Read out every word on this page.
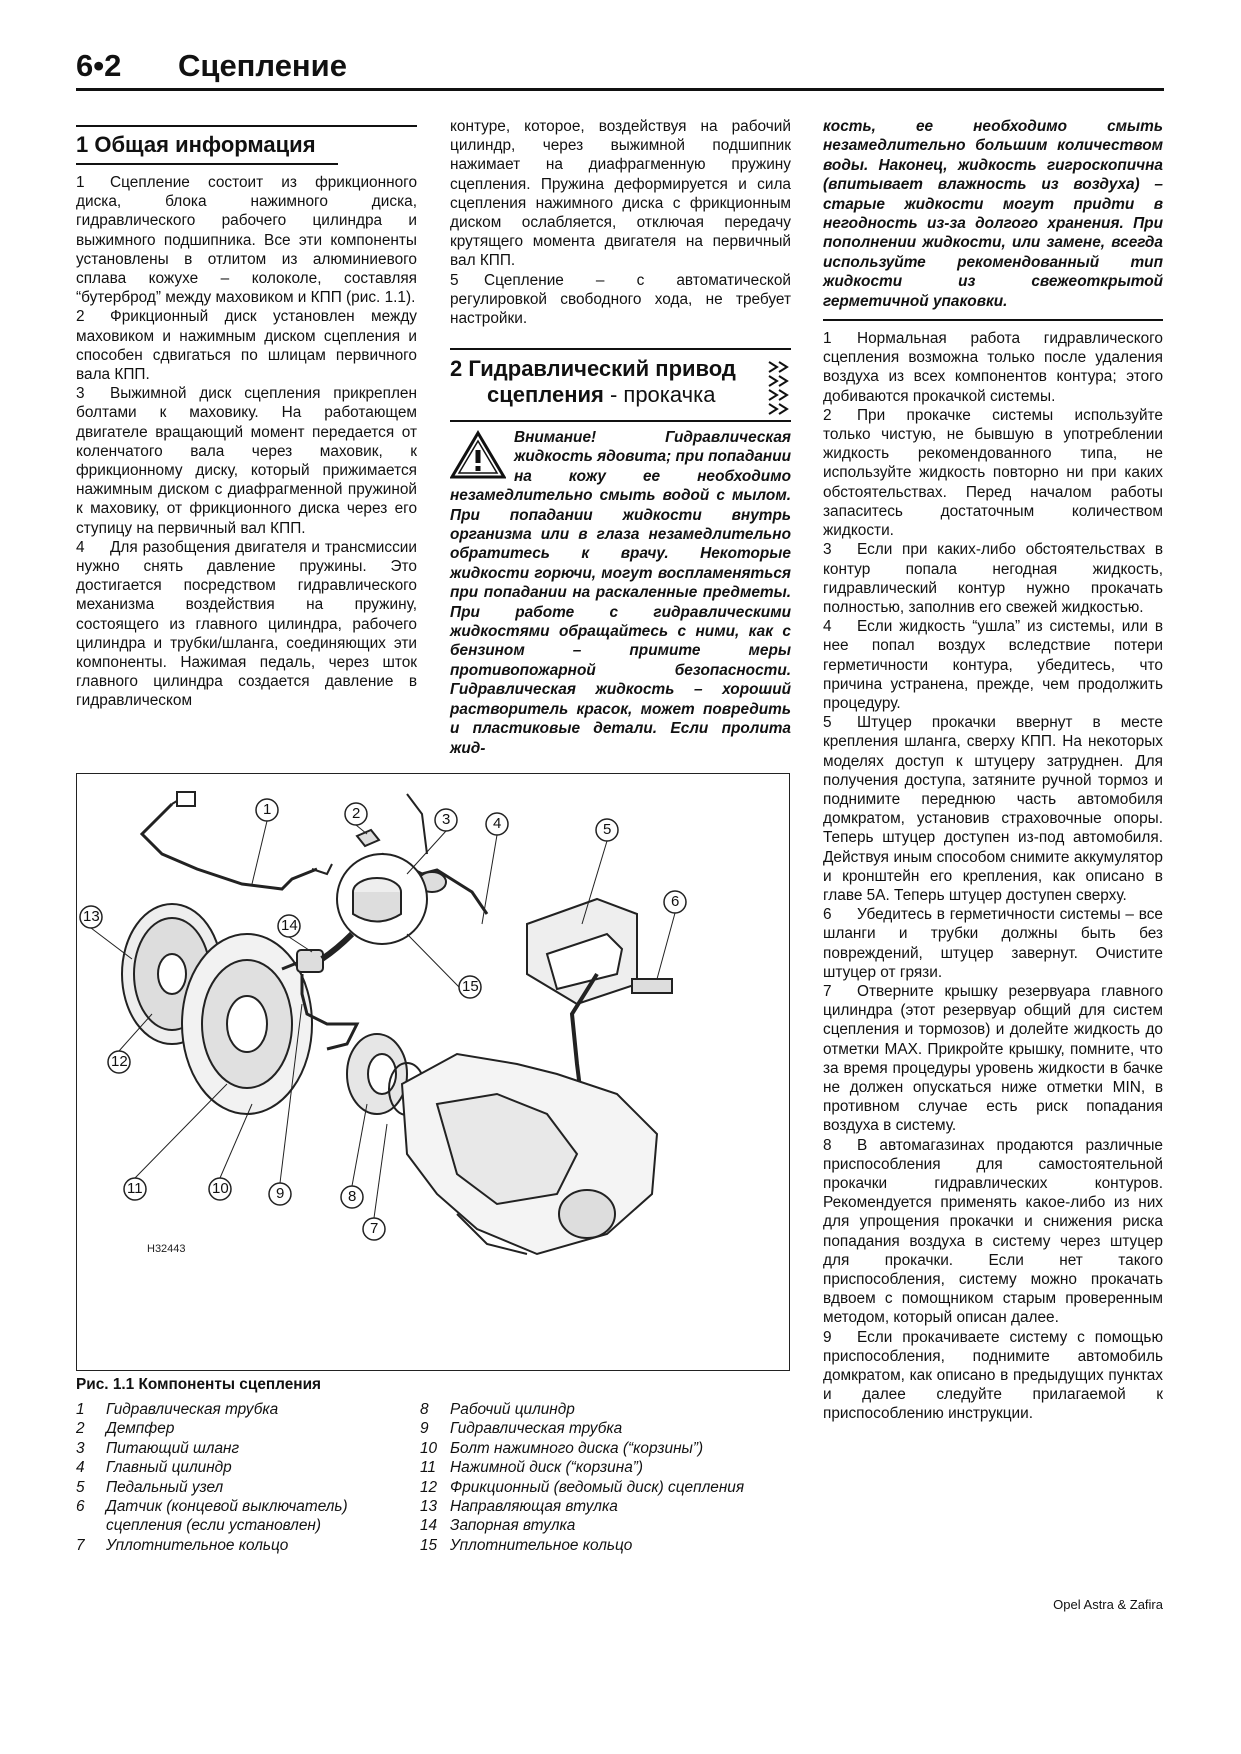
6•2 Сцепление
1 Общая информация

1 Сцепление состоит из фрикционного диска, блока нажимного диска, гидравлического рабочего цилиндра и выжимного подшипника. Все эти компоненты установлены в отлитом из алюминиевого сплава кожухе – колоколе, составляя “бутерброд” между маховиком и КПП (рис. 1.1).

2 Фрикционный диск установлен между маховиком и нажимным диском сцепления и способен сдвигаться по шлицам первичного вала КПП.

3 Выжимной диск сцепления прикреплен болтами к маховику. На работающем двигателе вращающий момент передается от коленчатого вала через маховик, к фрикционному диску, который прижимается нажимным диском с диафрагменной пружиной к маховику, от фрикционного диска через его ступицу на первичный вал КПП.

4 Для разобщения двигателя и трансмиссии нужно снять давление пружины. Это достигается посредством гидравлического механизма воздействия на пружину, состоящего из главного цилиндра, рабочего цилиндра и трубки/шланга, соединяющих эти компоненты. Нажимая педаль, через шток главного цилиндра создается давление в гидравлическом

контуре, которое, воздействуя на рабочий цилиндр, через выжимной подшипник нажимает на диафрагменную пружину сцепления. Пружина деформируется и сила сцепления нажимного диска с фрикционным диском ослабляется, отключая передачу крутящего момента двигателя на первичный вал КПП.

5 Сцепление – с автоматической регулировкой свободного хода, не требует настройки.

2 Гидравлический привод
сцепления - прокачка
Внимание! Гидравлическая жидкость ядовита; при попадании на кожу ее необходимо незамедлительно смыть водой с мылом. При попадании жидкости внутрь организма или в глаза незамедлительно обратитесь к врачу. Некоторые жидкости горючи, могут воспламеняться при попадании на раскаленные предметы. При работе с гидравлическими жидкостями обращайтесь с ними, как с бензином – примите меры противопожарной безопасности. Гидравлическая жидкость – хороший растворитель красок, может повредить и пластиковые детали. Если пролита жид-

кость, ее необходимо смыть незамедлительно большим количеством воды. Наконец, жидкость гигроскопична (впитывает влажность из воздуха) – старые жидкости могут придти в негодность из-за долгого хранения. При пополнении жидкости, или замене, всегда используйте рекомендованный тип жидкости из свежеоткрытой герметичной упаковки.

1 Нормальная работа гидравлического сцепления возможна только после удаления воздуха из всех компонентов контура; этого добиваются прокачкой системы.

2 При прокачке системы используйте только чистую, не бывшую в употреблении жидкость рекомендованного типа, не используйте жидкость повторно ни при каких обстоятельствах. Перед началом работы запаситесь достаточным количеством жидкости.

3 Если при каких-либо обстоятельствах в контур попала негодная жидкость, гидравлический контур нужно прокачать полностью, заполнив его свежей жидкостью.

4 Если жидкость “ушла” из системы, или в нее попал воздух вследствие потери герметичности контура, убедитесь, что причина устранена, прежде, чем продолжить процедуру.

5 Штуцер прокачки ввернут в месте крепления шланга, сверху КПП. На некоторых моделях доступ к штуцеру затруднен. Для получения доступа, затяните ручной тормоз и поднимите переднюю часть автомобиля домкратом, установив страховочные опоры. Теперь штуцер доступен из-под автомобиля. Действуя иным способом снимите аккумулятор и кронштейн его крепления, как описано в главе 5А. Теперь штуцер доступен сверху.

6 Убедитесь в герметичности системы – все шланги и трубки должны быть без повреждений, штуцер завернут. Очистите штуцер от грязи.

7 Отверните крышку резервуара главного цилиндра (этот резервуар общий для систем сцепления и тормозов) и долейте жидкость до отметки MAX. Прикройте крышку, помните, что за время процедуры уровень жидкости в бачке не должен опускаться ниже отметки MIN, в противном случае есть риск попадания воздуха в систему.

8 В автомагазинах продаются различные приспособления для самостоятельной прокачки гидравлических контуров. Рекомендуется применять какое-либо из них для упрощения прокачки и снижения риска попадания воздуха в систему через штуцер для прокачки. Если нет такого приспособления, систему можно прокачать вдвоем с помощником старым проверенным методом, который описан далее.

9 Если прокачиваете систему с помощью приспособления, поднимите автомобиль домкратом, как описано в предыдущих пунктах и далее следуйте прилагаемой к приспособлению инструкции.

H32443
1	2	3	4	5
6
7
8
9
10
11
12
13
14
15
Рис. 1.1 Компоненты сцепления
1 Гидравлическая трубка
2 Демпфер
3 Питающий шланг
4 Главный цилиндр
5 Педальный узел
6 Датчик (концевой выключатель)
сцепления (если установлен)
7 Уплотнительное кольцо
8 Рабочий цилиндр
9 Гидравлическая трубка
10 Болт нажимного диска (“корзины”)
11 Нажимной диск (“корзина”)
12 Фрикционный (ведомый диск) сцепления
13 Направляющая втулка
14 Запорная втулка
15 Уплотнительное кольцо
Opel Astra & Zafira
